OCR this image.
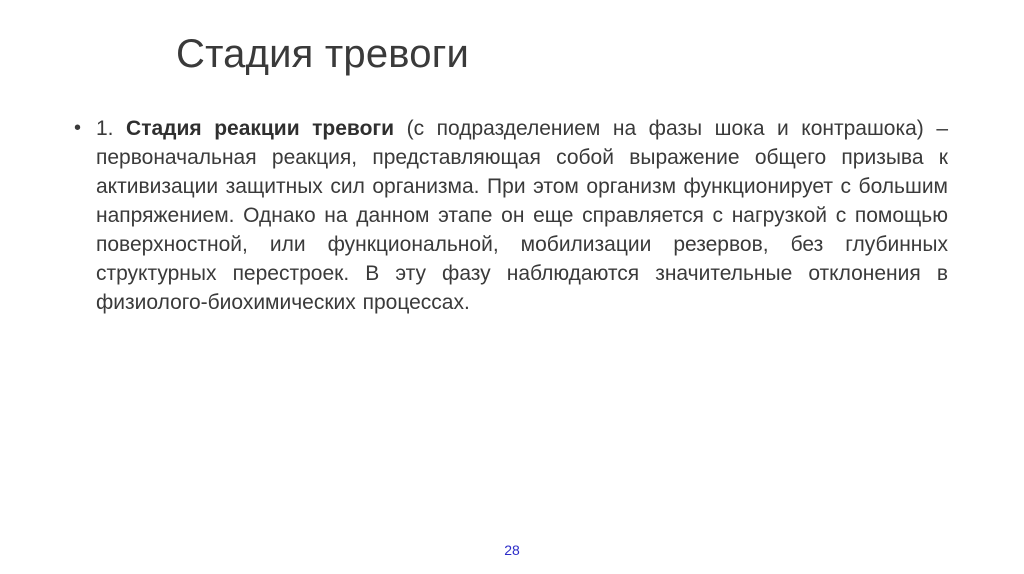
Стадия тревоги
• 1. Стадия реакции тревоги (с подразделением на фазы шока и контрашока) – первоначальная реакция, представляющая собой выражение общего призыва к активизации защитных сил организма. При этом организм функционирует с большим напряжением. Однако на данном этапе он еще справляется с нагрузкой с помощью поверхностной, или функциональной, мобилизации резервов, без глубинных структурных перестроек. В эту фазу наблюдаются значительные отклонения в физиолого-биохимических процессах.

28
